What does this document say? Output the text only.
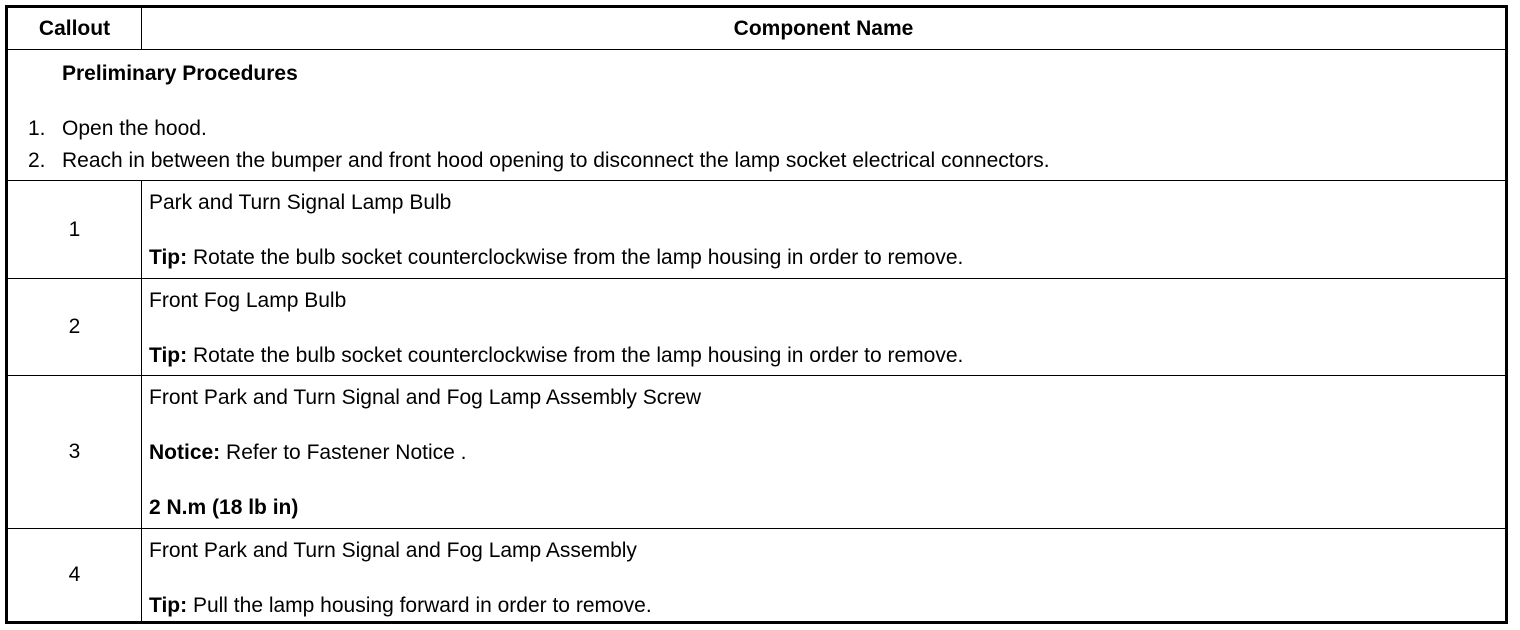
Callout	Component Name
Preliminary Procedures
1. Open the hood.
2. Reach in between the bumper and front hood opening to disconnect the lamp socket electrical connectors.
1
Park and Turn Signal Lamp Bulb
Tip: Rotate the bulb socket counterclockwise from the lamp housing in order to remove.
2
Front Fog Lamp Bulb
Tip: Rotate the bulb socket counterclockwise from the lamp housing in order to remove.
3
Front Park and Turn Signal and Fog Lamp Assembly Screw
Notice: Refer to Fastener Notice .
2 N.m (18 lb in)
4
Front Park and Turn Signal and Fog Lamp Assembly
Tip: Pull the lamp housing forward in order to remove.
